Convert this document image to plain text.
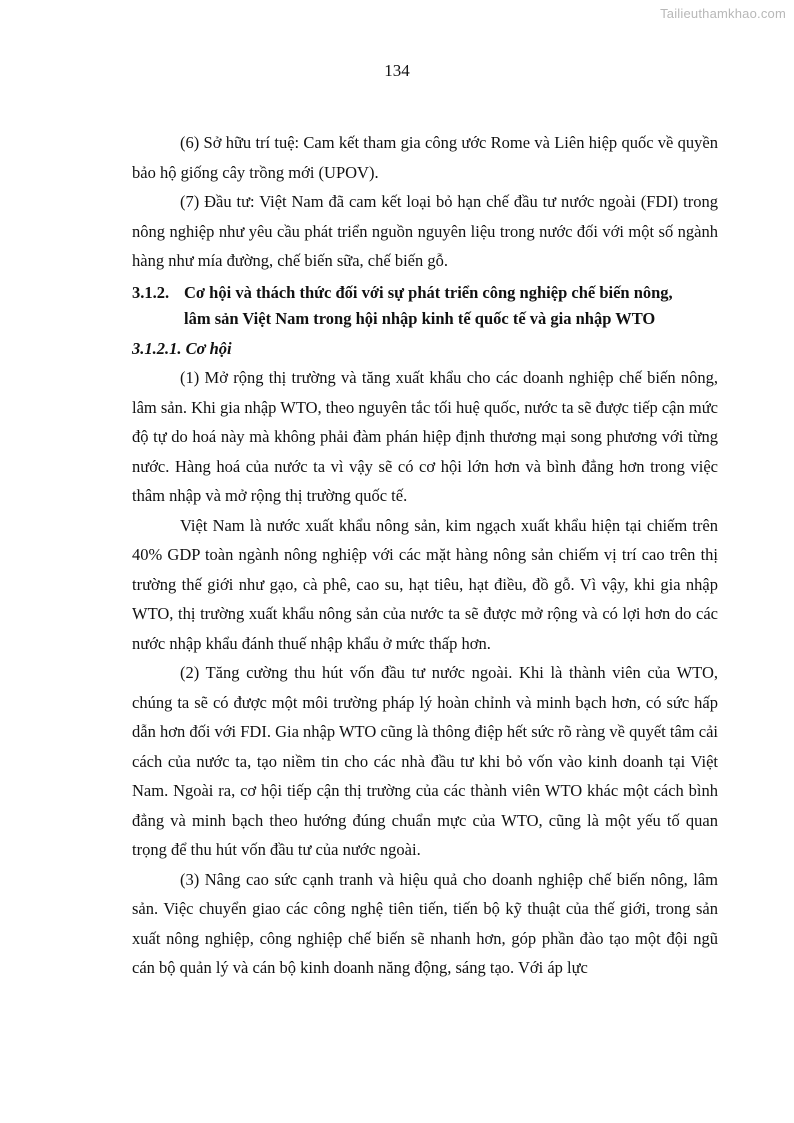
Tailieuthamkhao.com
134

(6) Sở hữu trí tuệ: Cam kết tham gia công ước Rome và Liên hiệp quốc về quyền bảo hộ giống cây trồng mới (UPOV).

(7) Đầu tư: Việt Nam đã cam kết loại bỏ hạn chế đầu tư nước ngoài (FDI) trong nông nghiệp như yêu cầu phát triển nguồn nguyên liệu trong nước đối với một số ngành hàng như mía đường, chế biến sữa, chế biến gỗ.

3.1.2. Cơ hội và thách thức đối với sự phát triển công nghiệp chế biến nông,
lâm sản Việt Nam trong hội nhập kinh tế quốc tế và gia nhập WTO
3.1.2.1. Cơ hội

(1) Mở rộng thị trường và tăng xuất khẩu cho các doanh nghiệp chế biến nông, lâm sản. Khi gia nhập WTO, theo nguyên tắc tối huệ quốc, nước ta sẽ được tiếp cận mức độ tự do hoá này mà không phải đàm phán hiệp định thương mại song phương với từng nước. Hàng hoá của nước ta vì vậy sẽ có cơ hội lớn hơn và bình đẳng hơn trong việc thâm nhập và mở rộng thị trường quốc tế.

Việt Nam là nước xuất khẩu nông sản, kim ngạch xuất khẩu hiện tại chiếm trên 40% GDP toàn ngành nông nghiệp với các mặt hàng nông sản chiếm vị trí cao trên thị trường thế giới như gạo, cà phê, cao su, hạt tiêu, hạt điều, đồ gỗ. Vì vậy, khi gia nhập WTO, thị trường xuất khẩu nông sản của nước ta sẽ được mở rộng và có lợi hơn do các nước nhập khẩu đánh thuế nhập khẩu ở mức thấp hơn.

(2) Tăng cường thu hút vốn đầu tư nước ngoài. Khi là thành viên của WTO, chúng ta sẽ có được một môi trường pháp lý hoàn chỉnh và minh bạch hơn, có sức hấp dẫn hơn đối với FDI. Gia nhập WTO cũng là thông điệp hết sức rõ ràng về quyết tâm cải cách của nước ta, tạo niềm tin cho các nhà đầu tư khi bỏ vốn vào kinh doanh tại Việt Nam. Ngoài ra, cơ hội tiếp cận thị trường của các thành viên WTO khác một cách bình đẳng và minh bạch theo hướng đúng chuẩn mực của WTO, cũng là một yếu tố quan trọng để thu hút vốn đầu tư của nước ngoài.

(3) Nâng cao sức cạnh tranh và hiệu quả cho doanh nghiệp chế biến nông, lâm sản. Việc chuyển giao các công nghệ tiên tiến, tiến bộ kỹ thuật của thế giới, trong sản xuất nông nghiệp, công nghiệp chế biến sẽ nhanh hơn, góp phần đào tạo một đội ngũ cán bộ quản lý và cán bộ kinh doanh năng động, sáng tạo. Với áp lực
